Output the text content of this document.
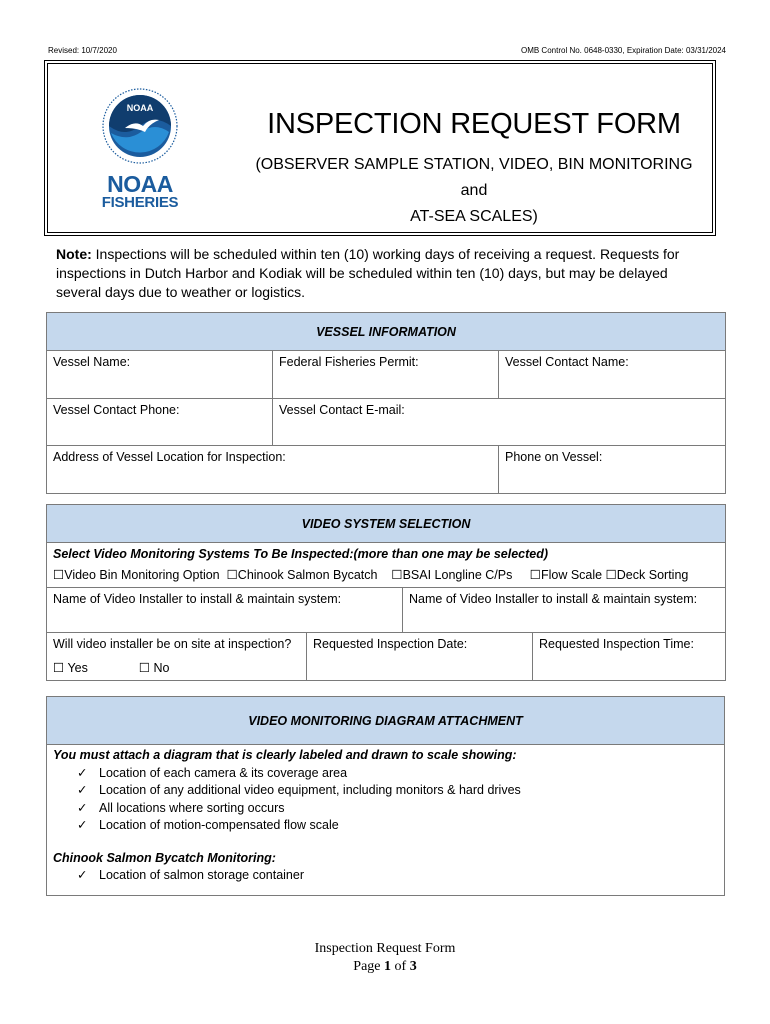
Revised: 10/7/2020	OMB Control No. 0648-0330, Expiration Date: 03/31/2024
NOAA
NOAA
FISHERIES
INSPECTION REQUEST FORM
(OBSERVER SAMPLE STATION, VIDEO, BIN MONITORING and
AT-SEA SCALES)
Note: Inspections will be scheduled within ten (10) working days of receiving a request. Requests for inspections in Dutch Harbor and Kodiak will be scheduled within ten (10) days, but may be delayed several days due to weather or logistics.
VESSEL INFORMATION		
Vessel Name:	Federal Fisheries Permit:	Vessel Contact Name:
Vessel Contact Phone:	Vessel Contact E-mail:	
Address of Vessel Location for Inspection:		Phone on Vessel:
VIDEO SYSTEM SELECTION			

Select Video Monitoring Systems To Be Inspected:(more than one may be selected)
☐Video Bin Monitoring Option ☐Chinook Salmon Bycatch ☐BSAI Longline C/Ps ☐Flow Scale ☐Deck Sorting			

Name of Video Installer to install & maintain system:		Name of Video Installer to install & maintain system:	

Will video installer be on site at inspection?
☐ Yes ☐ No	Requested Inspection Date:		Requested Inspection Time:
VIDEO MONITORING DIAGRAM ATTACHMENT

You must attach a diagram that is clearly labeled and drawn to scale showing:
✓ Location of each camera & its coverage area
✓ Location of any additional video equipment, including monitors & hard drives
✓ All locations where sorting occurs
✓ Location of motion-compensated flow scale
Chinook Salmon Bycatch Monitoring:
✓ Location of salmon storage container
Inspection Request Form
Page 1 of 3
